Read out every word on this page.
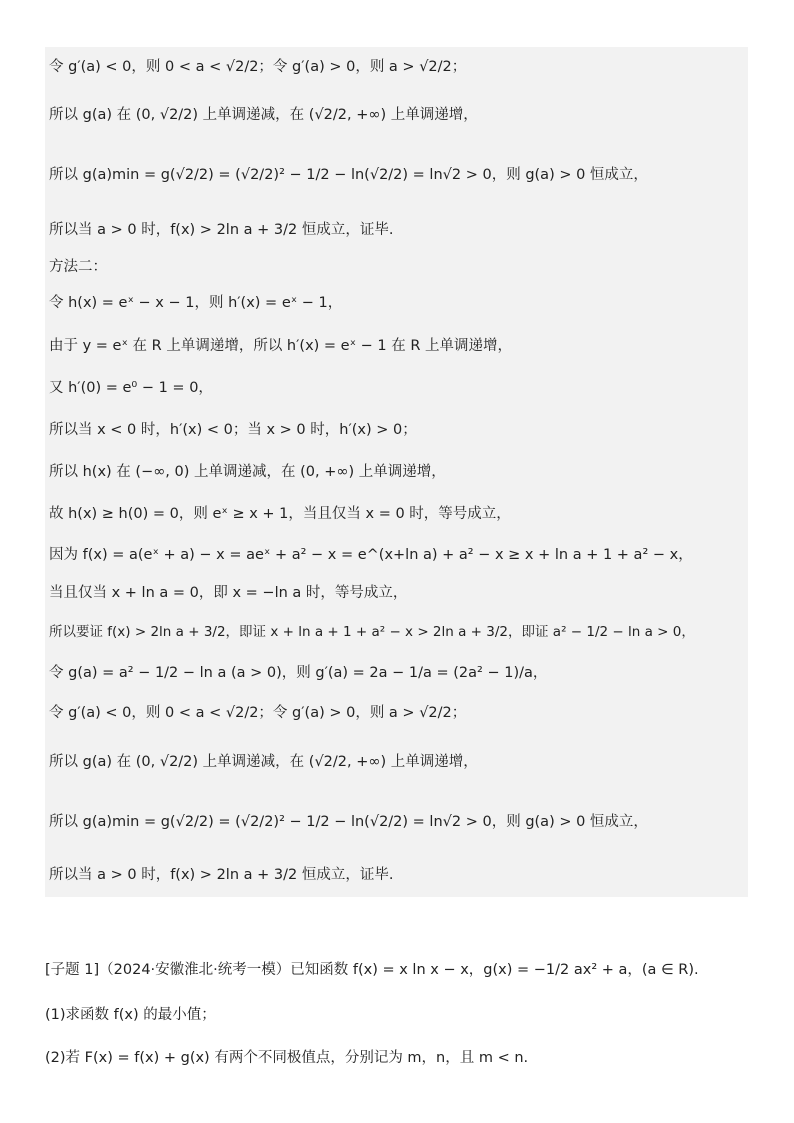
令 g′(a) < 0，则 0 < a < √2/2；令 g′(a) > 0，则 a > √2/2；
所以 g(a) 在 (0, √2/2) 上单调递减，在 (√2/2, +∞) 上单调递增，
所以 g(a)min = g(√2/2) = (√2/2)² − 1/2 − ln(√2/2) = ln√2 > 0，则 g(a) > 0 恒成立，
所以当 a > 0 时，f(x) > 2ln a + 3/2 恒成立，证毕.
方法二：
令 h(x) = eˣ − x − 1，则 h′(x) = eˣ − 1，
由于 y = eˣ 在 R 上单调递增，所以 h′(x) = eˣ − 1 在 R 上单调递增，
又 h′(0) = e⁰ − 1 = 0，
所以当 x < 0 时，h′(x) < 0；当 x > 0 时，h′(x) > 0；
所以 h(x) 在 (−∞, 0) 上单调递减，在 (0, +∞) 上单调递增，
故 h(x) ≥ h(0) = 0，则 eˣ ≥ x + 1，当且仅当 x = 0 时，等号成立，
因为 f(x) = a(eˣ + a) − x = aeˣ + a² − x = e^(x+ln a) + a² − x ≥ x + ln a + 1 + a² − x，
当且仅当 x + ln a = 0，即 x = −ln a 时，等号成立，
所以要证 f(x) > 2ln a + 3/2，即证 x + ln a + 1 + a² − x > 2ln a + 3/2，即证 a² − 1/2 − ln a > 0，
令 g(a) = a² − 1/2 − ln a (a > 0)，则 g′(a) = 2a − 1/a = (2a² − 1)/a，
令 g′(a) < 0，则 0 < a < √2/2；令 g′(a) > 0，则 a > √2/2；
所以 g(a) 在 (0, √2/2) 上单调递减，在 (√2/2, +∞) 上单调递增，
所以 g(a)min = g(√2/2) = (√2/2)² − 1/2 − ln(√2/2) = ln√2 > 0，则 g(a) > 0 恒成立，
所以当 a > 0 时，f(x) > 2ln a + 3/2 恒成立，证毕.
[子题 1]（2024·安徽淮北·统考一模）已知函数 f(x) = x ln x − x，g(x) = −1/2 ax² + a，(a ∈ R).
(1)求函数 f(x) 的最小值；
(2)若 F(x) = f(x) + g(x) 有两个不同极值点，分别记为 m，n，且 m < n.
